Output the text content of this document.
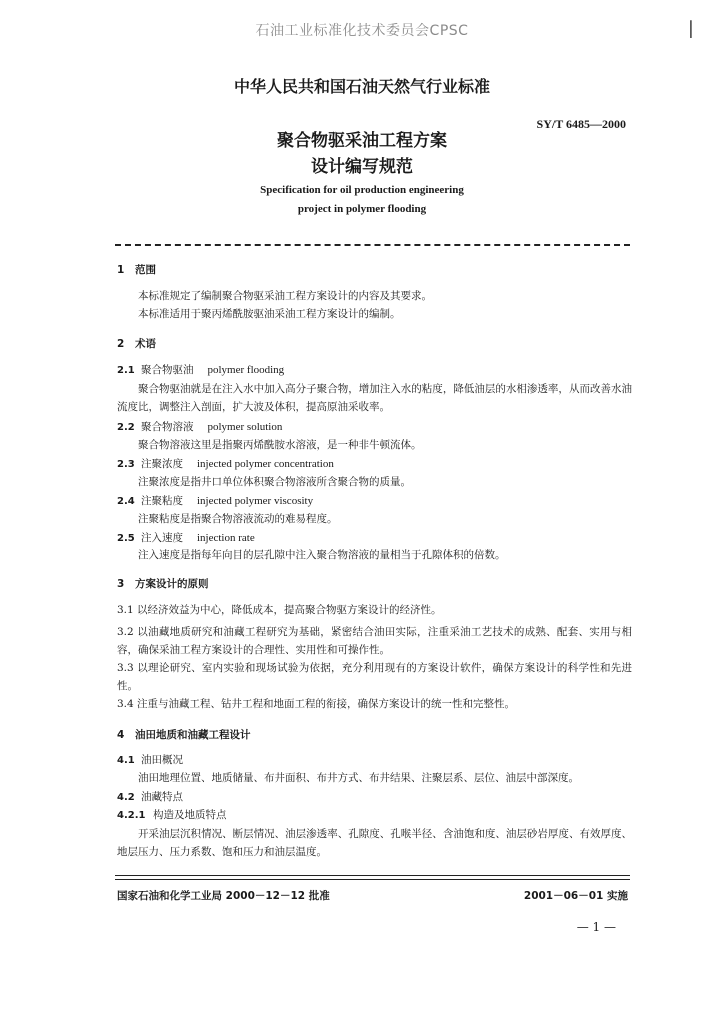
石油工业标准化技术委员会CPSC	|
中华人民共和国石油天然气行业标准
SY/T 6485—2000
聚合物驱采油工程方案
设计编写规范
Specification for oil production engineering
project in polymer flooding
1 范围
本标准规定了编制聚合物驱采油工程方案设计的内容及其要求。
本标准适用于聚丙烯酰胺驱油采油工程方案设计的编制。
2 术语
2.1 聚合物驱油 polymer flooding
聚合物驱油就是在注入水中加入高分子聚合物，增加注入水的粘度，降低油层的水相渗透率，从而改善水油流度比，调整注入剖面，扩大波及体积，提高原油采收率。
2.2 聚合物溶液 polymer solution
聚合物溶液这里是指聚丙烯酰胺水溶液，是一种非牛顿流体。
2.3 注聚浓度 injected polymer concentration
注聚浓度是指井口单位体积聚合物溶液所含聚合物的质量。
2.4 注聚粘度 injected polymer viscosity
注聚粘度是指聚合物溶液流动的难易程度。
2.5 注入速度 injection rate
注入速度是指每年向目的层孔隙中注入聚合物溶液的量相当于孔隙体积的倍数。
3 方案设计的原则
3.1 以经济效益为中心，降低成本，提高聚合物驱方案设计的经济性。
3.2 以油藏地质研究和油藏工程研究为基础，紧密结合油田实际，注重采油工艺技术的成熟、配套、实用与相容，确保采油工程方案设计的合理性、实用性和可操作性。
3.3 以理论研究、室内实验和现场试验为依据，充分利用现有的方案设计软件，确保方案设计的科学性和先进性。
3.4 注重与油藏工程、钻井工程和地面工程的衔接，确保方案设计的统一性和完整性。
4 油田地质和油藏工程设计
4.1 油田概况
油田地理位置、地质储量、布井面积、布井方式、布井结果、注聚层系、层位、油层中部深度。
4.2 油藏特点
4.2.1 构造及地质特点
开采油层沉积情况、断层情况、油层渗透率、孔隙度、孔喉半径、含油饱和度、油层砂岩厚度、有效厚度、地层压力、压力系数、饱和压力和油层温度。
国家石油和化学工业局 2000－12－12 批准	2001－06－01 实施
— 1 —
